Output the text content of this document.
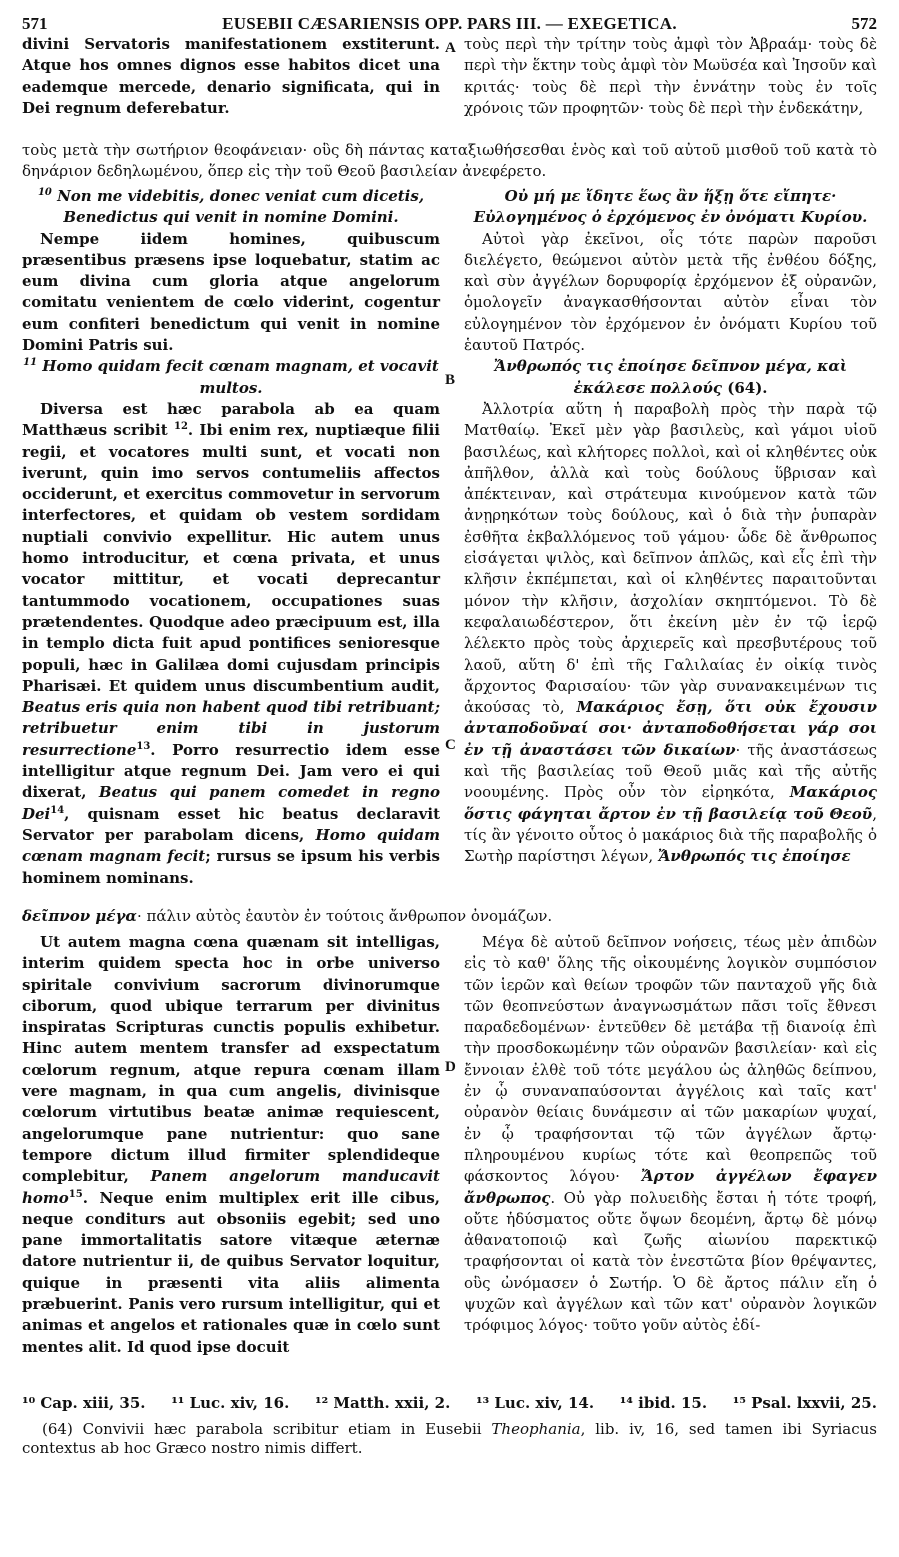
571	EUSEBII CÆSARIENSIS OPP. PARS III. — EXEGETICA.	572

divini Servatoris manifestationem exstiterunt. Atque hos omnes dignos esse habitos dicet una eademque mercede, denario significata, qui in Dei regnum deferebatur.

τοὺς περὶ τὴν τρίτην τοὺς ἀμφὶ τὸν Ἀβραάμ· τοὺς δὲ περὶ τὴν ἕκτην τοὺς ἀμφὶ τὸν Μωϋσέα καὶ Ἰησοῦν καὶ κριτάς· τοὺς δὲ περὶ τὴν ἐννάτην τοὺς ἐν τοῖς χρόνοις τῶν προφητῶν· τοὺς δὲ περὶ τὴν ἑνδεκάτην,

τοὺς μετὰ τὴν σωτήριον θεοφάνειαν· οὓς δὴ πάντας καταξιωθήσεσθαι ἑνὸς καὶ τοῦ αὐτοῦ μισθοῦ τοῦ κατὰ τὸ δηνάριον δεδηλωμένου, ὅπερ εἰς τὴν τοῦ Θεοῦ βασιλείαν ἀνεφέρετο.

A
B
C
D

$^{10}$ Non me videbitis, donec veniat cum dicetis, Benedictus qui venit in nomine Domini.

Nempe iidem homines, quibuscum præsentibus præsens ipse loquebatur, statim ac eum divina cum gloria atque angelorum comitatu venientem de cœlo viderint, cogentur eum confiteri benedictum qui venit in nomine Domini Patris sui.

$^{11}$ Homo quidam fecit cœnam magnam, et vocavit multos.

Diversa est hæc parabola ab ea quam Matthæus scribit $^{12}$. Ibi enim rex, nuptiæque filii regii, et vocatores multi sunt, et vocati non iverunt, quin imo servos contumeliis affectos occiderunt, et exercitus commovetur in servorum interfectores, et quidam ob vestem sordidam nuptiali convivio expellitur. Hic autem unus homo introducitur, et cœna privata, et unus vocator mittitur, et vocati deprecantur tantummodo vocationem, occupationes suas prætendentes. Quodque adeo præcipuum est, illa in templo dicta fuit apud pontifices senioresque populi, hæc in Galilæa domi cujusdam principis Pharisæi. Et quidem unus discumbentium audit, Beatus eris quia non habent quod tibi retribuant; retribuetur enim tibi in justorum resurrectione$^{13}$. Porro resurrectio idem esse intelligitur atque regnum Dei. Jam vero ei qui dixerat, Beatus qui panem comedet in regno Dei$^{14}$, quisnam esset hic beatus declaravit Servator per parabolam dicens, Homo quidam cœnam magnam fecit; rursus se ipsum his verbis hominem nominans.

Οὐ μή με ἴδητε ἕως ἂν ἥξῃ ὅτε εἴπητε· Εὐλογημένος ὁ ἐρχόμενος ἐν ὀνόματι Κυρίου.

Αὐτοὶ γὰρ ἐκεῖνοι, οἷς τότε παρὼν παροῦσι διελέγετο, θεώμενοι αὐτὸν μετὰ τῆς ἐνθέου δόξης, καὶ σὺν ἀγγέλων δορυφορίᾳ ἐρχόμενον ἐξ οὐρανῶν, ὁμολογεῖν ἀναγκασθήσονται αὐτὸν εἶναι τὸν εὐλογημένον τὸν ἐρχόμενον ἐν ὀνόματι Κυρίου τοῦ ἑαυτοῦ Πατρός.

Ἄνθρωπός τις ἐποίησε δεῖπνον μέγα, καὶ ἐκάλεσε πολλούς (64).

Ἀλλοτρία αὕτη ἡ παραβολὴ πρὸς τὴν παρὰ τῷ Ματθαίῳ. Ἐκεῖ μὲν γὰρ βασιλεὺς, καὶ γάμοι υἱοῦ βασιλέως, καὶ κλήτορες πολλοὶ, καὶ οἱ κληθέντες οὐκ ἀπῆλθον, ἀλλὰ καὶ τοὺς δούλους ὕβρισαν καὶ ἀπέκτειναν, καὶ στράτευμα κινούμενον κατὰ τῶν ἀνῃρηκότων τοὺς δούλους, καὶ ὁ διὰ τὴν ῥυπαρὰν ἐσθῆτα ἐκβαλλόμενος τοῦ γάμου· ὧδε δὲ ἄνθρωπος εἰσάγεται ψιλὸς, καὶ δεῖπνον ἁπλῶς, καὶ εἷς ἐπὶ τὴν κλῆσιν ἐκπέμπεται, καὶ οἱ κληθέντες παραιτοῦνται μόνον τὴν κλῆσιν, ἀσχολίαν σκηπτόμενοι. Τὸ δὲ κεφαλαιωδέστερον, ὅτι ἐκείνη μὲν ἐν τῷ ἱερῷ λέλεκτο πρὸς τοὺς ἀρχιερεῖς καὶ πρεσβυτέρους τοῦ λαοῦ, αὕτη δ' ἐπὶ τῆς Γαλιλαίας ἐν οἰκίᾳ τινὸς ἄρχοντος Φαρισαίου· τῶν γὰρ συνανακειμένων τις ἀκούσας τὸ, Μακάριος ἔσῃ, ὅτι οὐκ ἔχουσιν ἀνταποδοῦναί σοι· ἀνταποδοθήσεται γάρ σοι ἐν τῇ ἀναστάσει τῶν δικαίων· τῆς ἀναστάσεως καὶ τῆς βασιλείας τοῦ Θεοῦ μιᾶς καὶ τῆς αὐτῆς νοουμένης. Πρὸς οὖν τὸν εἰρηκότα, Μακάριος ὅστις φάγηται ἄρτον ἐν τῇ βασιλείᾳ τοῦ Θεοῦ, τίς ἂν γένοιτο οὗτος ὁ μακάριος διὰ τῆς παραβολῆς ὁ Σωτὴρ παρίστησι λέγων, Ἄνθρωπός τις ἐποίησε

δεῖπνον μέγα· πάλιν αὐτὸς ἑαυτὸν ἐν τούτοις ἄνθρωπον ὀνομάζων.

Ut autem magna cœna quænam sit intelligas, interim quidem specta hoc in orbe universo spiritale convivium sacrorum divinorumque ciborum, quod ubique terrarum per divinitus inspiratas Scripturas cunctis populis exhibetur. Hinc autem mentem transfer ad exspectatum cœlorum regnum, atque repura cœnam illam vere magnam, in qua cum angelis, divinisque cœlorum virtutibus beatæ animæ requiescent, angelorumque pane nutrientur: quo sane tempore dictum illud firmiter splendideque complebitur, Panem angelorum manducavit homo$^{15}$. Neque enim multiplex erit ille cibus, neque conditurs aut obsoniis egebit; sed uno pane immortalitatis satore vitæque æternæ datore nutrientur ii, de quibus Servator loquitur, quique in præsenti vita aliis alimenta præbuerint. Panis vero rursum intelligitur, qui et animas et angelos et rationales quæ in cœlo sunt mentes alit. Id quod ipse docuit

Μέγα δὲ αὐτοῦ δεῖπνον νοήσεις, τέως μὲν ἀπιδὼν εἰς τὸ καθ' ὅλης τῆς οἰκουμένης λογικὸν συμπόσιον τῶν ἱερῶν καὶ θείων τροφῶν τῶν πανταχοῦ γῆς διὰ τῶν θεοπνεύστων ἀναγνωσμάτων πᾶσι τοῖς ἔθνεσι παραδεδομένων· ἐντεῦθεν δὲ μετάβα τῇ διανοίᾳ ἐπὶ τὴν προσδοκωμένην τῶν οὐρανῶν βασιλείαν· καὶ εἰς ἔννοιαν ἐλθὲ τοῦ τότε μεγάλου ὡς ἀληθῶς δείπνου, ἐν ᾧ συναναπαύσονται ἀγγέλοις καὶ ταῖς κατ' οὐρανὸν θείαις δυνάμεσιν αἱ τῶν μακαρίων ψυχαί, ἐν ᾧ τραφήσονται τῷ τῶν ἀγγέλων ἄρτῳ· πληρουμένου κυρίως τότε καὶ θεοπρεπῶς τοῦ φάσκοντος λόγου· Ἄρτον ἀγγέλων ἔφαγεν ἄνθρωπος. Οὐ γὰρ πολυειδὴς ἔσται ἡ τότε τροφή, οὔτε ἡδύσματος οὔτε ὄψων δεομένη, ἄρτῳ δὲ μόνῳ ἀθανατοποιῷ καὶ ζωῆς αἰωνίου παρεκτικῷ τραφήσονται οἱ κατὰ τὸν ἐνεστῶτα βίον θρέψαντες, οὓς ὠνόμασεν ὁ Σωτήρ. Ὁ δὲ ἄρτος πάλιν εἴη ὁ ψυχῶν καὶ ἀγγέλων καὶ τῶν κατ' οὐρανὸν λογικῶν τρόφιμος λόγος· τοῦτο γοῦν αὐτὸς ἐδί-

¹⁰ Cap. xiii, 35. ¹¹ Luc. xiv, 16. ¹² Matth. xxii, 2. ¹³ Luc. xiv, 14. ¹⁴ ibid. 15. ¹⁵ Psal. lxxvii, 25.
(64) Convivii hæc parabola scribitur etiam in Eusebii Theophania, lib. iv, 16, sed tamen ibi Syriacus contextus ab hoc Græco nostro nimis differt.
